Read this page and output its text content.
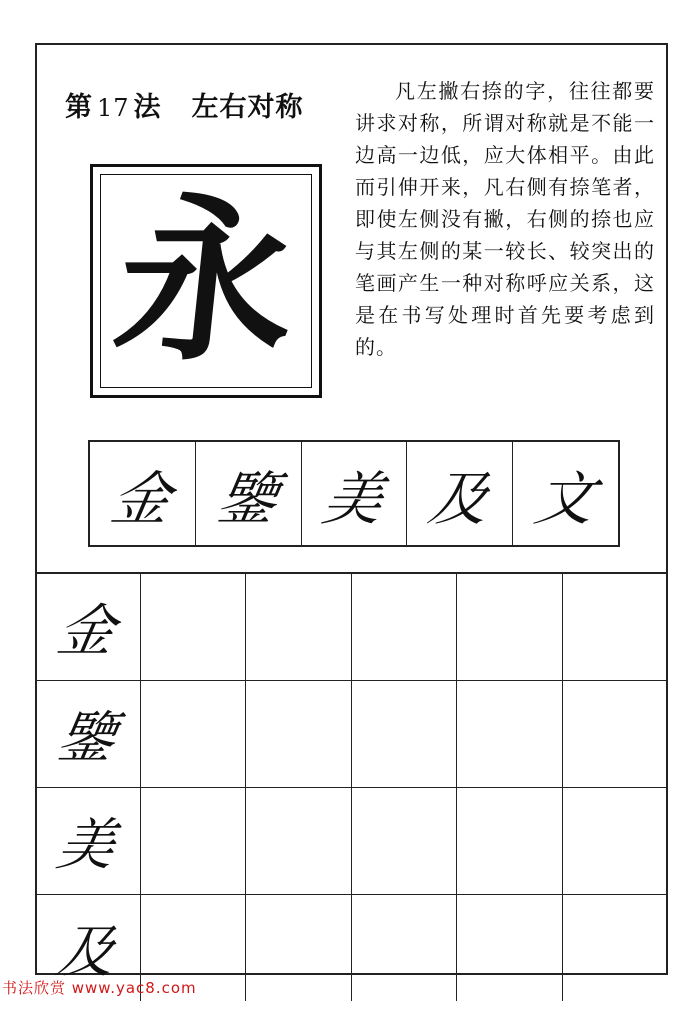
第 17 法 左右对称

凡左撇右捺的字，往往都要讲求对称，所谓对称就是不能一边高一边低，应大体相平。由此而引伸开来，凡右侧有捺笔者，即使左侧没有撇，右侧的捺也应与其左侧的某一较长、较突出的笔画产生一种对称呼应关系，这是在书写处理时首先要考虑到的。

永
金 鑒 美 及 文
金
鑒
美
及
书法欣赏 www.yac8.com
